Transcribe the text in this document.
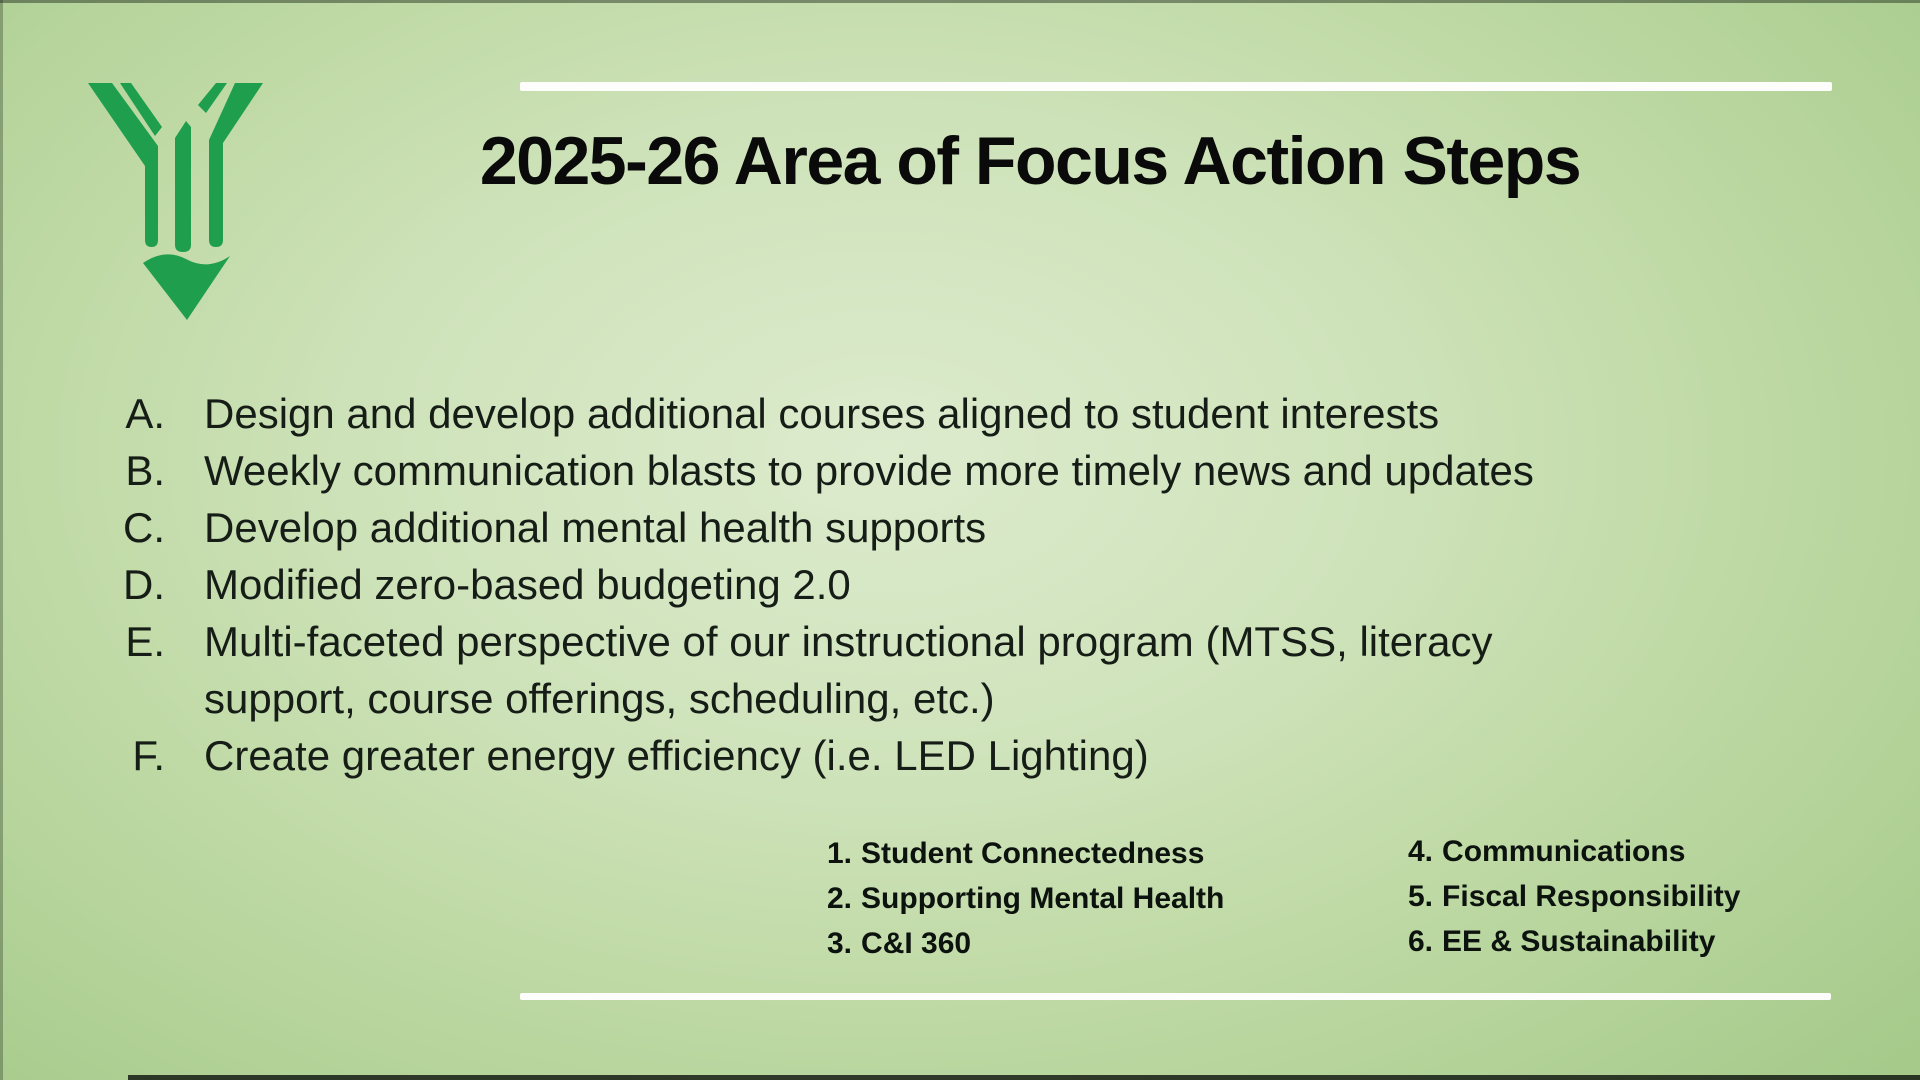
2025-26 Area of Focus Action Steps
A. Design and develop additional courses aligned to student interests
B. Weekly communication blasts to provide more timely news and updates
C. Develop additional mental health supports
D. Modified zero-based budgeting 2.0
E. Multi-faceted perspective of our instructional program (MTSS, literacy
support, course offerings, scheduling, etc.)
F. Create greater energy efficiency (i.e. LED Lighting)
1. Student Connectedness
2. Supporting Mental Health
3. C&I 360
4. Communications
5. Fiscal Responsibility
6. EE & Sustainability
